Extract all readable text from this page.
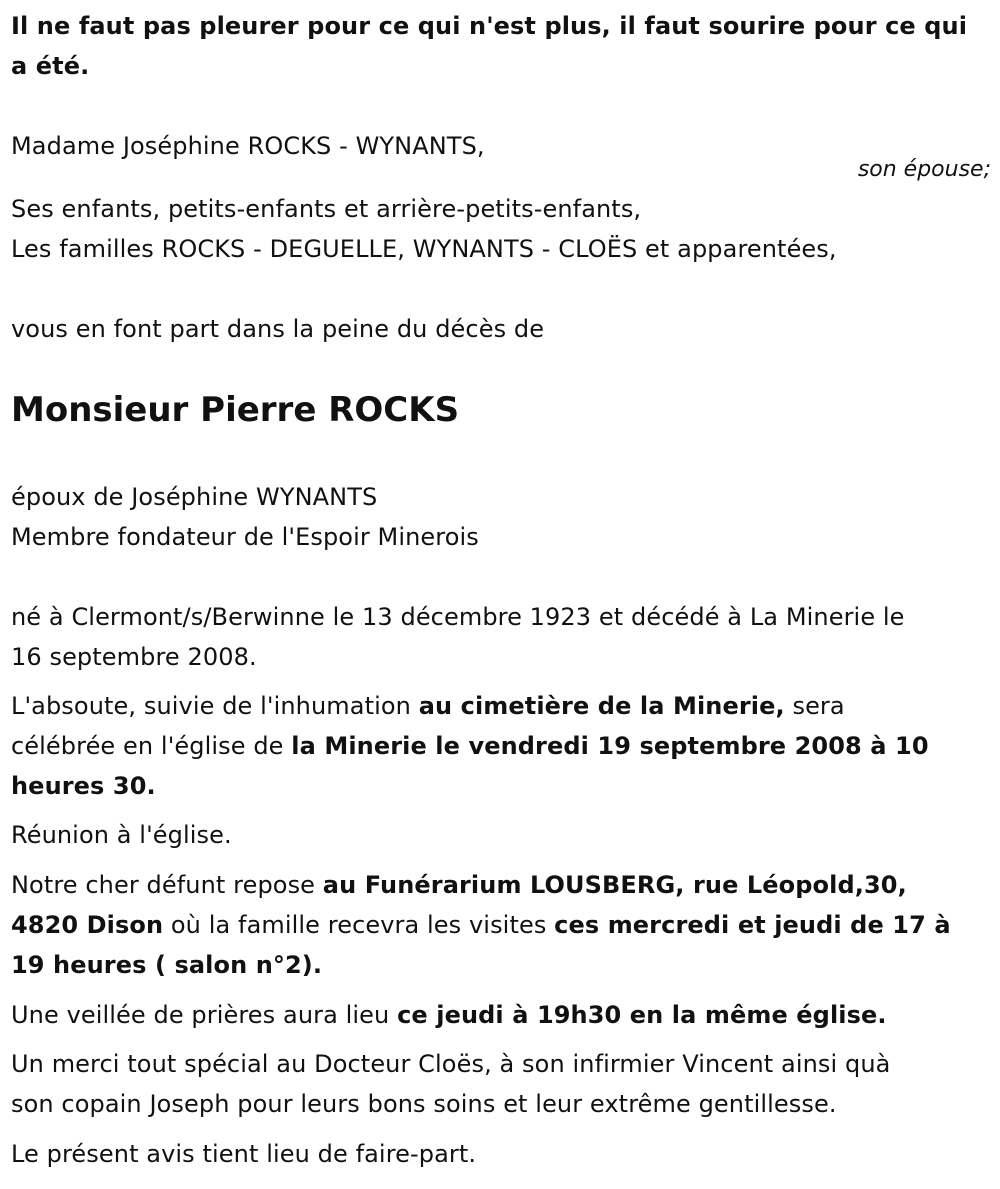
Il ne faut pas pleurer pour ce qui n'est plus, il faut sourire pour ce qui
a été.
Madame Joséphine ROCKS - WYNANTS,
son épouse;
Ses enfants, petits-enfants et arrière-petits-enfants,
Les familles ROCKS - DEGUELLE, WYNANTS - CLOËS et apparentées,
vous en font part dans la peine du décès de
Monsieur Pierre ROCKS
époux de Joséphine WYNANTS
Membre fondateur de l'Espoir Minerois
né à Clermont/s/Berwinne le 13 décembre 1923 et décédé à La Minerie le
16 septembre 2008.
L'absoute, suivie de l'inhumation au cimetière de la Minerie, sera
célébrée en l'église de la Minerie le vendredi 19 septembre 2008 à 10
heures 30.
Réunion à l'église.
Notre cher défunt repose au Funérarium LOUSBERG, rue Léopold,30,
4820 Dison où la famille recevra les visites ces mercredi et jeudi de 17 à
19 heures ( salon n°2).
Une veillée de prières aura lieu ce jeudi à 19h30 en la même église.
Un merci tout spécial au Docteur Cloës, à son infirmier Vincent ainsi quà
son copain Joseph pour leurs bons soins et leur extrême gentillesse.
Le présent avis tient lieu de faire-part.
